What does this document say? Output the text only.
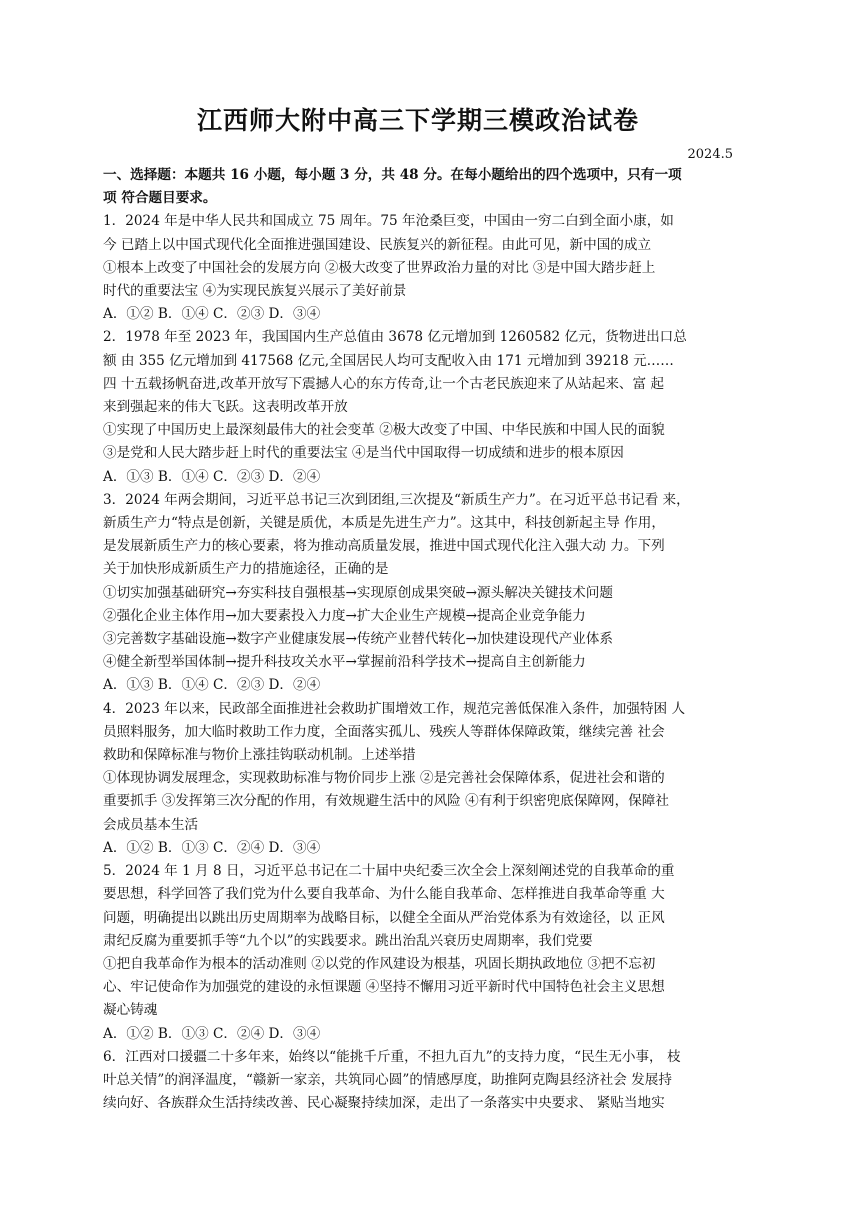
江西师大附中高三下学期三模政治试卷

2024.5

一、选择题：本题共 16 小题，每小题 3 分，共 48 分。在每小题给出的四个选项中，只有一项

项 符合题目要求。

1．2024 年是中华人民共和国成立 75 周年。75 年沧桑巨变，中国由一穷二白到全面小康，如

今 已踏上以中国式现代化全面推进强国建设、民族复兴的新征程。由此可见，新中国的成立

①根本上改变了中国社会的发展方向 ②极大改变了世界政治力量的对比 ③是中国大踏步赶上

时代的重要法宝 ④为实现民族复兴展示了美好前景

A．①② B．①④ C．②③ D．③④

2．1978 年至 2023 年，我国国内生产总值由 3678 亿元增加到 1260582 亿元，货物进出口总

额 由 355 亿元增加到 417568 亿元,全国居民人均可支配收入由 171 元增加到 39218 元……

四 十五载扬帆奋进,改革开放写下震撼人心的东方传奇,让一个古老民族迎来了从站起来、富 起

来到强起来的伟大飞跃。这表明改革开放

①实现了中国历史上最深刻最伟大的社会变革 ②极大改变了中国、中华民族和中国人民的面貌

③是党和人民大踏步赶上时代的重要法宝 ④是当代中国取得一切成绩和进步的根本原因

A．①③ B．①④ C．②③ D．②④

3．2024 年两会期间，习近平总书记三次到团组,三次提及“新质生产力”。在习近平总书记看 来，

新质生产力“特点是创新，关键是质优，本质是先进生产力”。这其中，科技创新起主导 作用，

是发展新质生产力的核心要素，将为推动高质量发展，推进中国式现代化注入强大动 力。下列

关于加快形成新质生产力的措施途径，正确的是

①切实加强基础研究→夯实科技自强根基→实现原创成果突破→源头解决关键技术问题

②强化企业主体作用→加大要素投入力度→扩大企业生产规模→提高企业竞争能力

③完善数字基础设施→数字产业健康发展→传统产业替代转化→加快建设现代产业体系

④健全新型举国体制→提升科技攻关水平→掌握前沿科学技术→提高自主创新能力

A．①③ B．①④ C．②③ D．②④

4．2023 年以来，民政部全面推进社会救助扩围增效工作，规范完善低保准入条件，加强特困 人

员照料服务，加大临时救助工作力度，全面落实孤儿、残疾人等群体保障政策，继续完善 社会

救助和保障标准与物价上涨挂钩联动机制。上述举措

①体现协调发展理念，实现救助标准与物价同步上涨 ②是完善社会保障体系，促进社会和谐的

重要抓手 ③发挥第三次分配的作用，有效规避生活中的风险 ④有利于织密兜底保障网，保障社

会成员基本生活

A．①② B．①③ C．②④ D．③④

5．2024 年 1 月 8 日，习近平总书记在二十届中央纪委三次全会上深刻阐述党的自我革命的重

要思想，科学回答了我们党为什么要自我革命、为什么能自我革命、怎样推进自我革命等重 大

问题，明确提出以跳出历史周期率为战略目标，以健全全面从严治党体系为有效途径，以 正风

肃纪反腐为重要抓手等“九个以”的实践要求。跳出治乱兴衰历史周期率，我们党要

①把自我革命作为根本的活动准则 ②以党的作风建设为根基，巩固长期执政地位 ③把不忘初

心、牢记使命作为加强党的建设的永恒课题 ④坚持不懈用习近平新时代中国特色社会主义思想

凝心铸魂

A．①② B．①③ C．②④ D．③④

6．江西对口援疆二十多年来，始终以“能挑千斤重，不担九百九”的支持力度，“民生无小事， 枝

叶总关情”的润泽温度，“赣新一家亲，共筑同心圆”的情感厚度，助推阿克陶县经济社会 发展持

续向好、各族群众生活持续改善、民心凝聚持续加深，走出了一条落实中央要求、 紧贴当地实
